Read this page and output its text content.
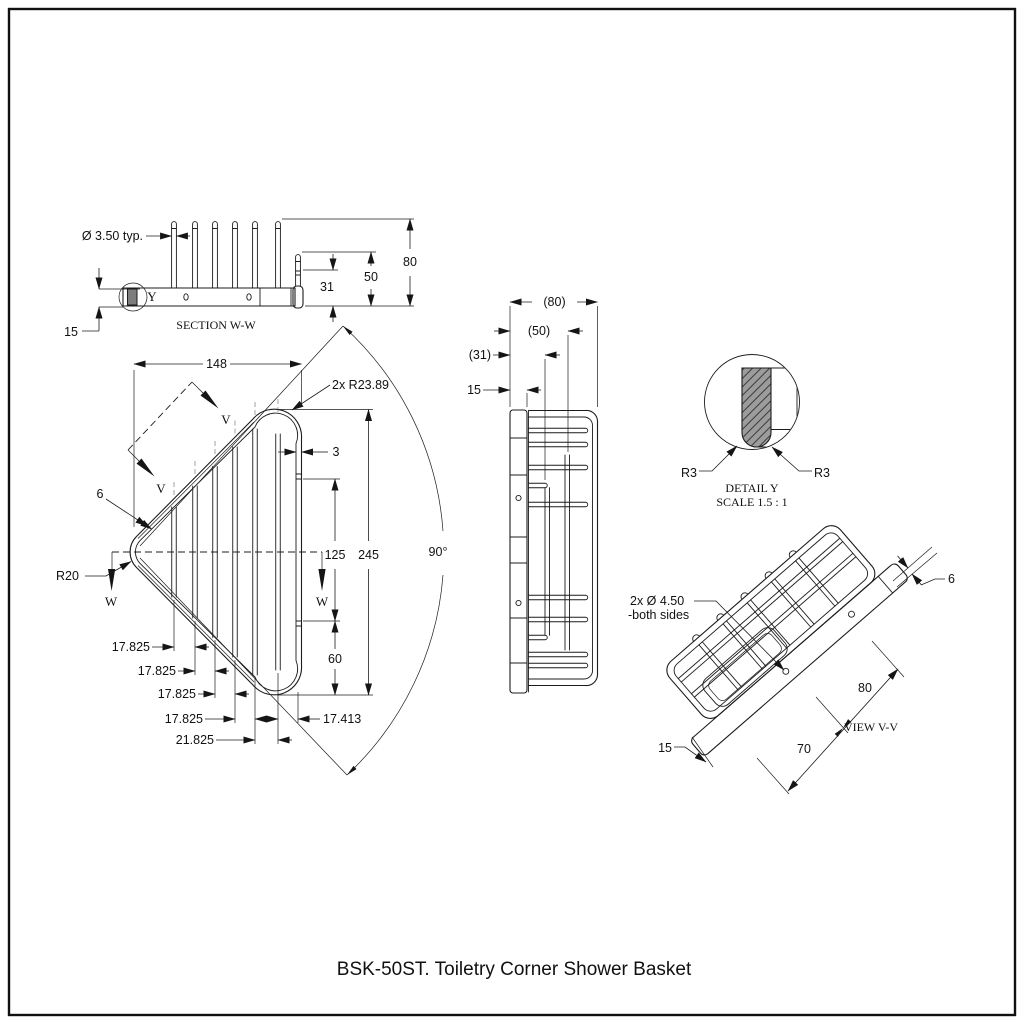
Ø 3.50 typ.
80
50
31
15
Y
SECTION W-W
W	W
V
V
90°
148
2x R23.89
3
6
R20
125
60
245
17.825
17.825
17.825
17.825	17.413
21.825
(80)
(50)
(31)
15
R3	R3
DETAIL Y
SCALE 1.5 : 1
70
80
15
6
2x Ø 4.50
-both sides
VIEW V-V
BSK-50ST. Toiletry Corner Shower Basket
